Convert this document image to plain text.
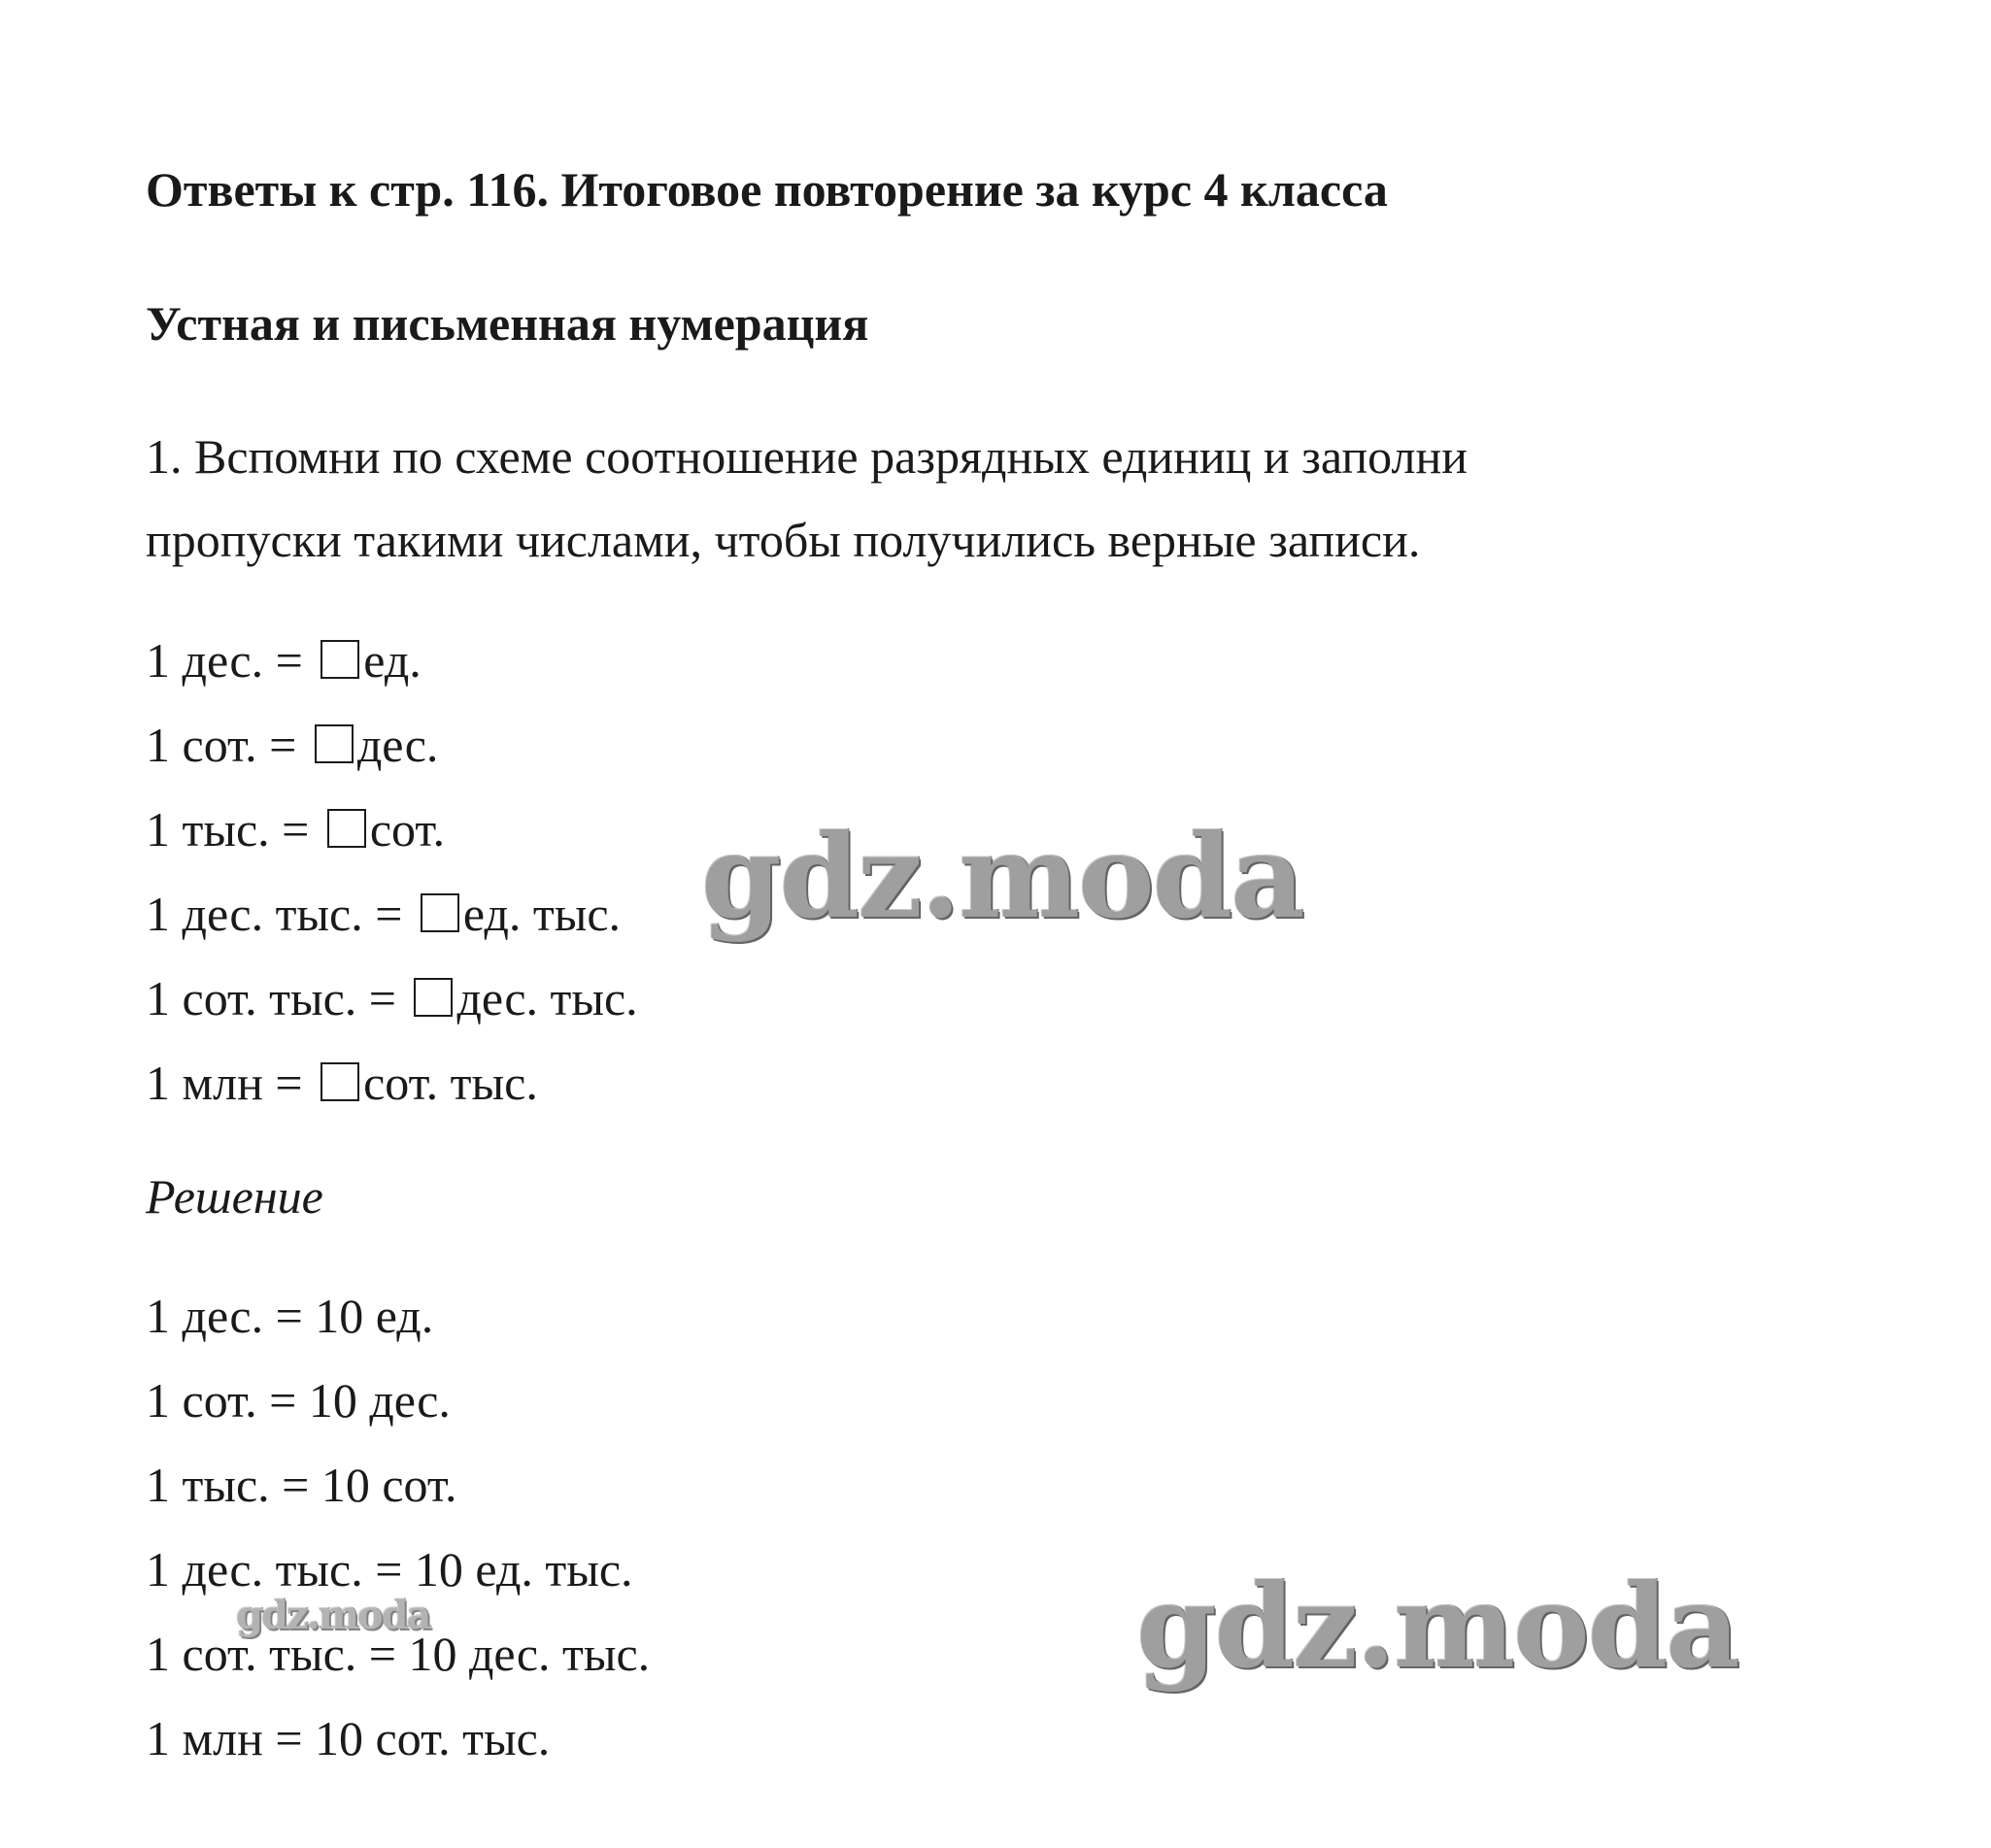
Ответы к стр. 116. Итоговое повторение за курс 4 класса
Устная и письменная нумерация
1. Вспомни по схеме соотношение разрядных единиц и заполни
пропуски такими числами, чтобы получились верные записи.
1 дес. = ед.
1 сот. = дес.
1 тыс. = сот.
1 дес. тыс. = ед. тыс.
1 сот. тыс. = дес. тыс.
1 млн = сот. тыс.
Решение
1 дес. = 10 ед.
1 сот. = 10 дес.
1 тыс. = 10 сот.
1 дес. тыс. = 10 ед. тыс.
1 сот. тыс. = 10 дес. тыс.
1 млн = 10 сот. тыс.
gdz.moda
gdz.moda
gdz.moda
